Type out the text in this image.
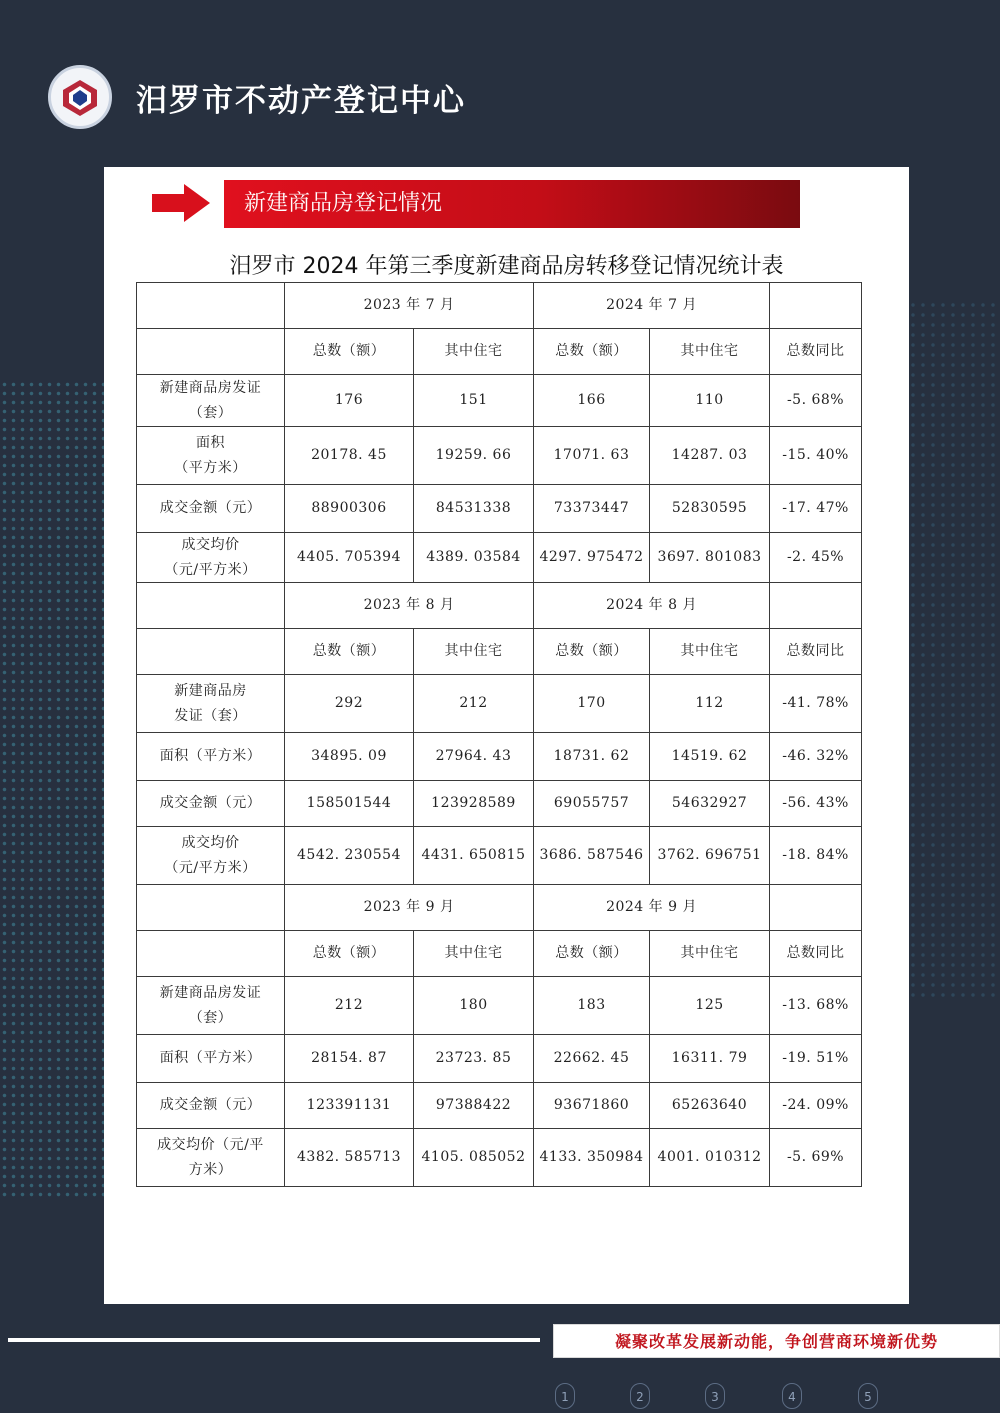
汨罗市不动产登记中心
新建商品房登记情况
汨罗市 2024 年第三季度新建商品房转移登记情况统计表
	2023 年 7 月		2024 年 7 月		
	总数（额）	其中住宅	总数（额）	其中住宅	总数同比
新建商品房发证
（套）	176	151	166	110	-5. 68%
面积
（平方米）	20178. 45	19259. 66	17071. 63	14287. 03	-15. 40%
成交金额（元）	88900306	84531338	73373447	52830595	-17. 47%
成交均价
（元/平方米）	4405. 705394	4389. 03584	4297. 975472	3697. 801083	-2. 45%
	2023 年 8 月		2024 年 8 月		
	总数（额）	其中住宅	总数（额）	其中住宅	总数同比
新建商品房
发证（套）	292	212	170	112	-41. 78%
面积（平方米）	34895. 09	27964. 43	18731. 62	14519. 62	-46. 32%
成交金额（元）	158501544	123928589	69055757	54632927	-56. 43%
成交均价
（元/平方米）	4542. 230554	4431. 650815	3686. 587546	3762. 696751	-18. 84%
	2023 年 9 月		2024 年 9 月		
	总数（额）	其中住宅	总数（额）	其中住宅	总数同比
新建商品房发证
（套）	212	180	183	125	-13. 68%
面积（平方米）	28154. 87	23723. 85	22662. 45	16311. 79	-19. 51%
成交金额（元）	123391131	97388422	93671860	65263640	-24. 09%
成交均价（元/平
方米）	4382. 585713	4105. 085052	4133. 350984	4001. 010312	-5. 69%
凝聚改革发展新动能，争创营商环境新优势
1	2	3	4	5
